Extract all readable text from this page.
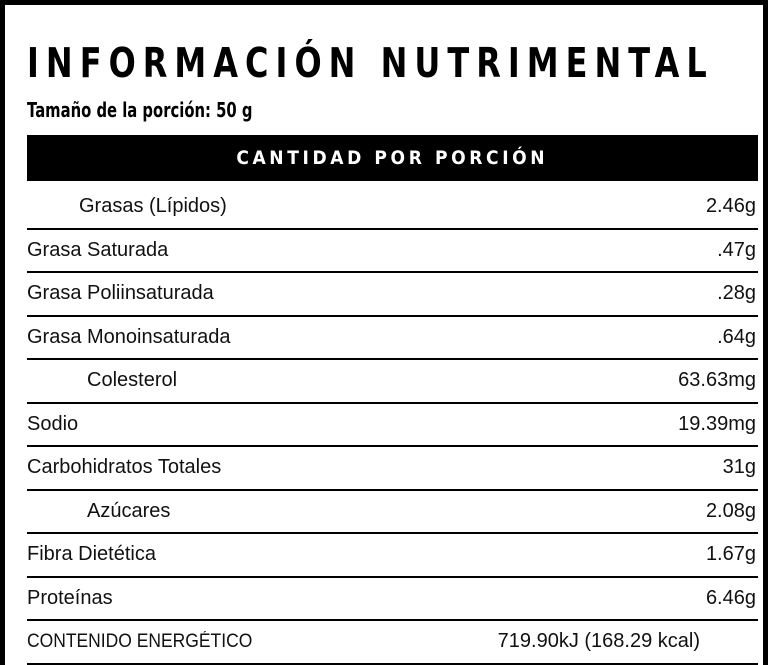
INFORMACIÓN NUTRIMENTAL
Tamaño de la porción: 50 g
CANTIDAD POR PORCIÓN
Grasas (Lípidos)	2.46g
Grasa Saturada	.47g
Grasa Poliinsaturada	.28g
Grasa Monoinsaturada	.64g
Colesterol	63.63mg
Sodio	19.39mg
Carbohidratos Totales	31g
Azúcares	2.08g
Fibra Dietética	1.67g
Proteínas	6.46g
CONTENIDO ENERGÉTICO	719.90kJ (168.29 kcal)
